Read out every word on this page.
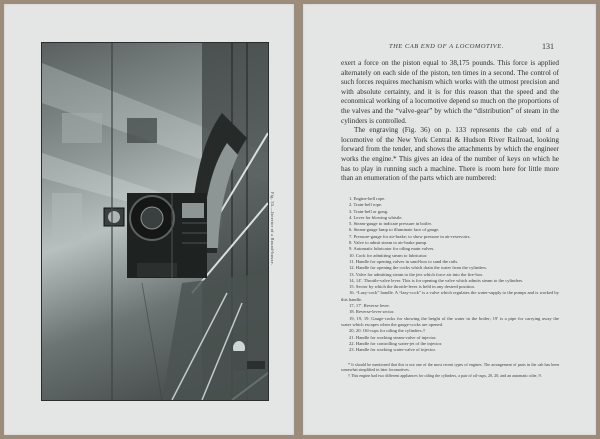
Fig. 35.—Interior of a Round-house.
THE CAB END OF A LOCOMOTIVE.	131

exert a force on the piston equal to 38,175 pounds. This force is applied alternately on each side of the piston, ten times in a second. The control of such forces requires mechanism which works with the utmost precision and with absolute certainty, and it is for this reason that the speed and the economical working of a locomotive depend so much on the proportions of the valves and the “valve-gear” by which the “distribution” of steam in the cylinders is controlled.

The engraving (Fig. 36) on p. 133 represents the cab end of a locomotive of the New York Central & Hudson River Railroad, looking forward from the tender, and shows the attachments by which the engineer works the engine.* This gives an idea of the number of keys on which he has to play in running such a machine. There is room here for little more than an enumeration of the parts which are numbered:

1. Engine-bell rope.
2. Train-bell rope.
3. Train-bell or gong.
4. Lever for blowing whistle.
5. Steam-gauge to indicate pressure in boiler.
6. Steam-gauge lamp to illuminate face of gauge.
7. Pressure-gauge for air-brake; to show pressure in air-reservoirs.
8. Valve to admit steam to air-brake pump.
9. Automatic lubricator for oiling main valves.
10. Cock for admitting steam to lubricator.
11. Handle for opening valves in sand-box to sand the rails.
12. Handle for opening the cocks which drain the water from the cylinders.
13. Valve for admitting steam to the jets which force air into the fire-box.
14, 14′. Throttle-valve lever. This is for opening the valve which admits steam to the cylinders.
15. Sector by which the throttle-lever is held in any desired position.
16. “Lazy-cock” handle. A “lazy-cock” is a valve which regulates the water-supply to the pumps and is worked by this handle.
17, 17′. Reverse lever.
18. Reverse-lever sector.
19, 19, 19. Gauge-cocks for showing the height of the water in the boiler; 19′ is a pipe for carrying away the water which escapes when the gauge-cocks are opened.
20, 20. Oil-cups for oiling the cylinders.†
21. Handle for working steam-valve of injector.
22. Handle for controlling water-jet of the injector.
23. Handle for working water-valve of injector.

* It should be mentioned that this is not one of the most recent types of engines. The arrangement of parts in the cab has been somewhat simplified in later locomotives.

† This engine had two different appliances for oiling the cylinders, a pair of oil-cups, 20, 20, and an automatic oiler, 9.
